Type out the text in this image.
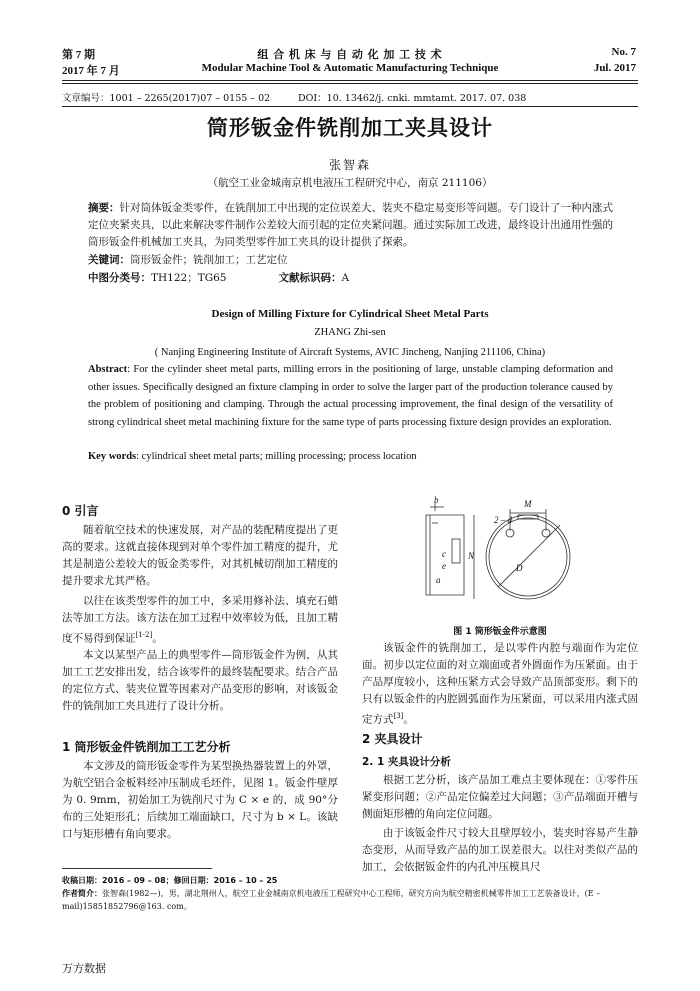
第 7 期
2017 年 7 月
组 合 机 床 与 自 动 化 加 工 技 术
Modular Machine Tool & Automatic Manufacturing Technique
No. 7
Jul. 2017
文章编号：1001 – 2265(2017)07 – 0155 – 02	DOI：10. 13462/j. cnki. mmtamt. 2017. 07. 038
筒形钣金件铣削加工夹具设计
张智森
（航空工业金城南京机电液压工程研究中心，南京 211106）
摘要：针对筒体钣金类零件，在铣削加工中出现的定位误差大、装夹不稳定易变形等问题。专门设计了一种内涨式定位夹紧夹具，以此来解决零件制作公差较大而引起的定位夹紧问题。通过实际加工改进，最终设计出通用性强的筒形钣金件机械加工夹具，为同类型零件加工夹具的设计提供了探索。
关键词：筒形钣金件；铣削加工；工艺定位
中图分类号：TH122；TG65	文献标识码：A
Design of Milling Fixture for Cylindrical Sheet Metal Parts
ZHANG Zhi-sen
( Nanjing Engineering Institute of Aircraft Systems, AVIC Jincheng, Nanjing 211106, China)
Abstract: For the cylinder sheet metal parts, milling errors in the positioning of large, unstable clamping deformation and other issues. Specifically designed an fixture clamping in order to solve the larger part of the production tolerance caused by the problem of positioning and clamping. Through the actual processing improvement, the final design of the versatility of strong cylindrical sheet metal machining fixture for the same type of parts processing fixture design provides an exploration.
Key words: cylindrical sheet metal parts; milling processing; process location
0 引言
随着航空技术的快速发展，对产品的装配精度提出了更高的要求。这就直接体现到对单个零件加工精度的提升，尤其是制造公差较大的钣金类零件，对其机械切削加工精度的提升要求尤其严格。
以往在该类型零件的加工中，多采用修补法、填充石蜡法等加工方法。该方法在加工过程中效率较为低，且加工精度不易得到保证[1-2]。
本文以某型产品上的典型零件—筒形钣金件为例，从其加工工艺安排出发，结合该零件的最终装配要求。结合产品的定位方式、装夹位置等因素对产品变形的影响，对该钣金件的铣削加工夹具进行了设计分析。
1 筒形钣金件铣削加工工艺分析
本文涉及的筒形钣金零件为某型换热器装置上的外罩，为航空铝合金板料经冲压制成毛坯件，见图 1。钣金件壁厚为 0. 9mm，初始加工为铣削尺寸为 C × e 的，成 90°分布的三处矩形孔；后续加工端面缺口，尺寸为 b × L。该缺口与矩形槽有角向要求。
b	M
2 – d
N
D
c
e
a
图 1 筒形钣金件示意图
该钣金件的铣削加工，是以零件内腔与端面作为定位面。初步以定位面的对立端面或者外圆面作为压紧面。由于产品厚度较小，这种压紧方式会导致产品顶部变形。剩下的只有以钣金件的内腔圆弧面作为压紧面，可以采用内涨式固定方式[3]。
2 夹具设计
2. 1 夹具设计分析
根据工艺分析，该产品加工难点主要体现在：①零件压紧变形问题；②产品定位偏差过大问题；③产品端面开槽与侧面矩形槽的角向定位问题。
由于该钣金件尺寸较大且壁厚较小，装夹时容易产生静态变形，从而导致产品的加工误差很大。以往对类似产品的加工，会依据钣金件的内孔冲压模具尺
收稿日期：2016 – 09 – 08；修回日期：2016 – 10 – 25
作者简介：张智森(1982—)，男，湖北荆州人，航空工业金城南京机电液压工程研究中心工程师，研究方向为航空精密机械零件加工工艺装备设计，(E – mail)15851852796@163. com。
万方数据
